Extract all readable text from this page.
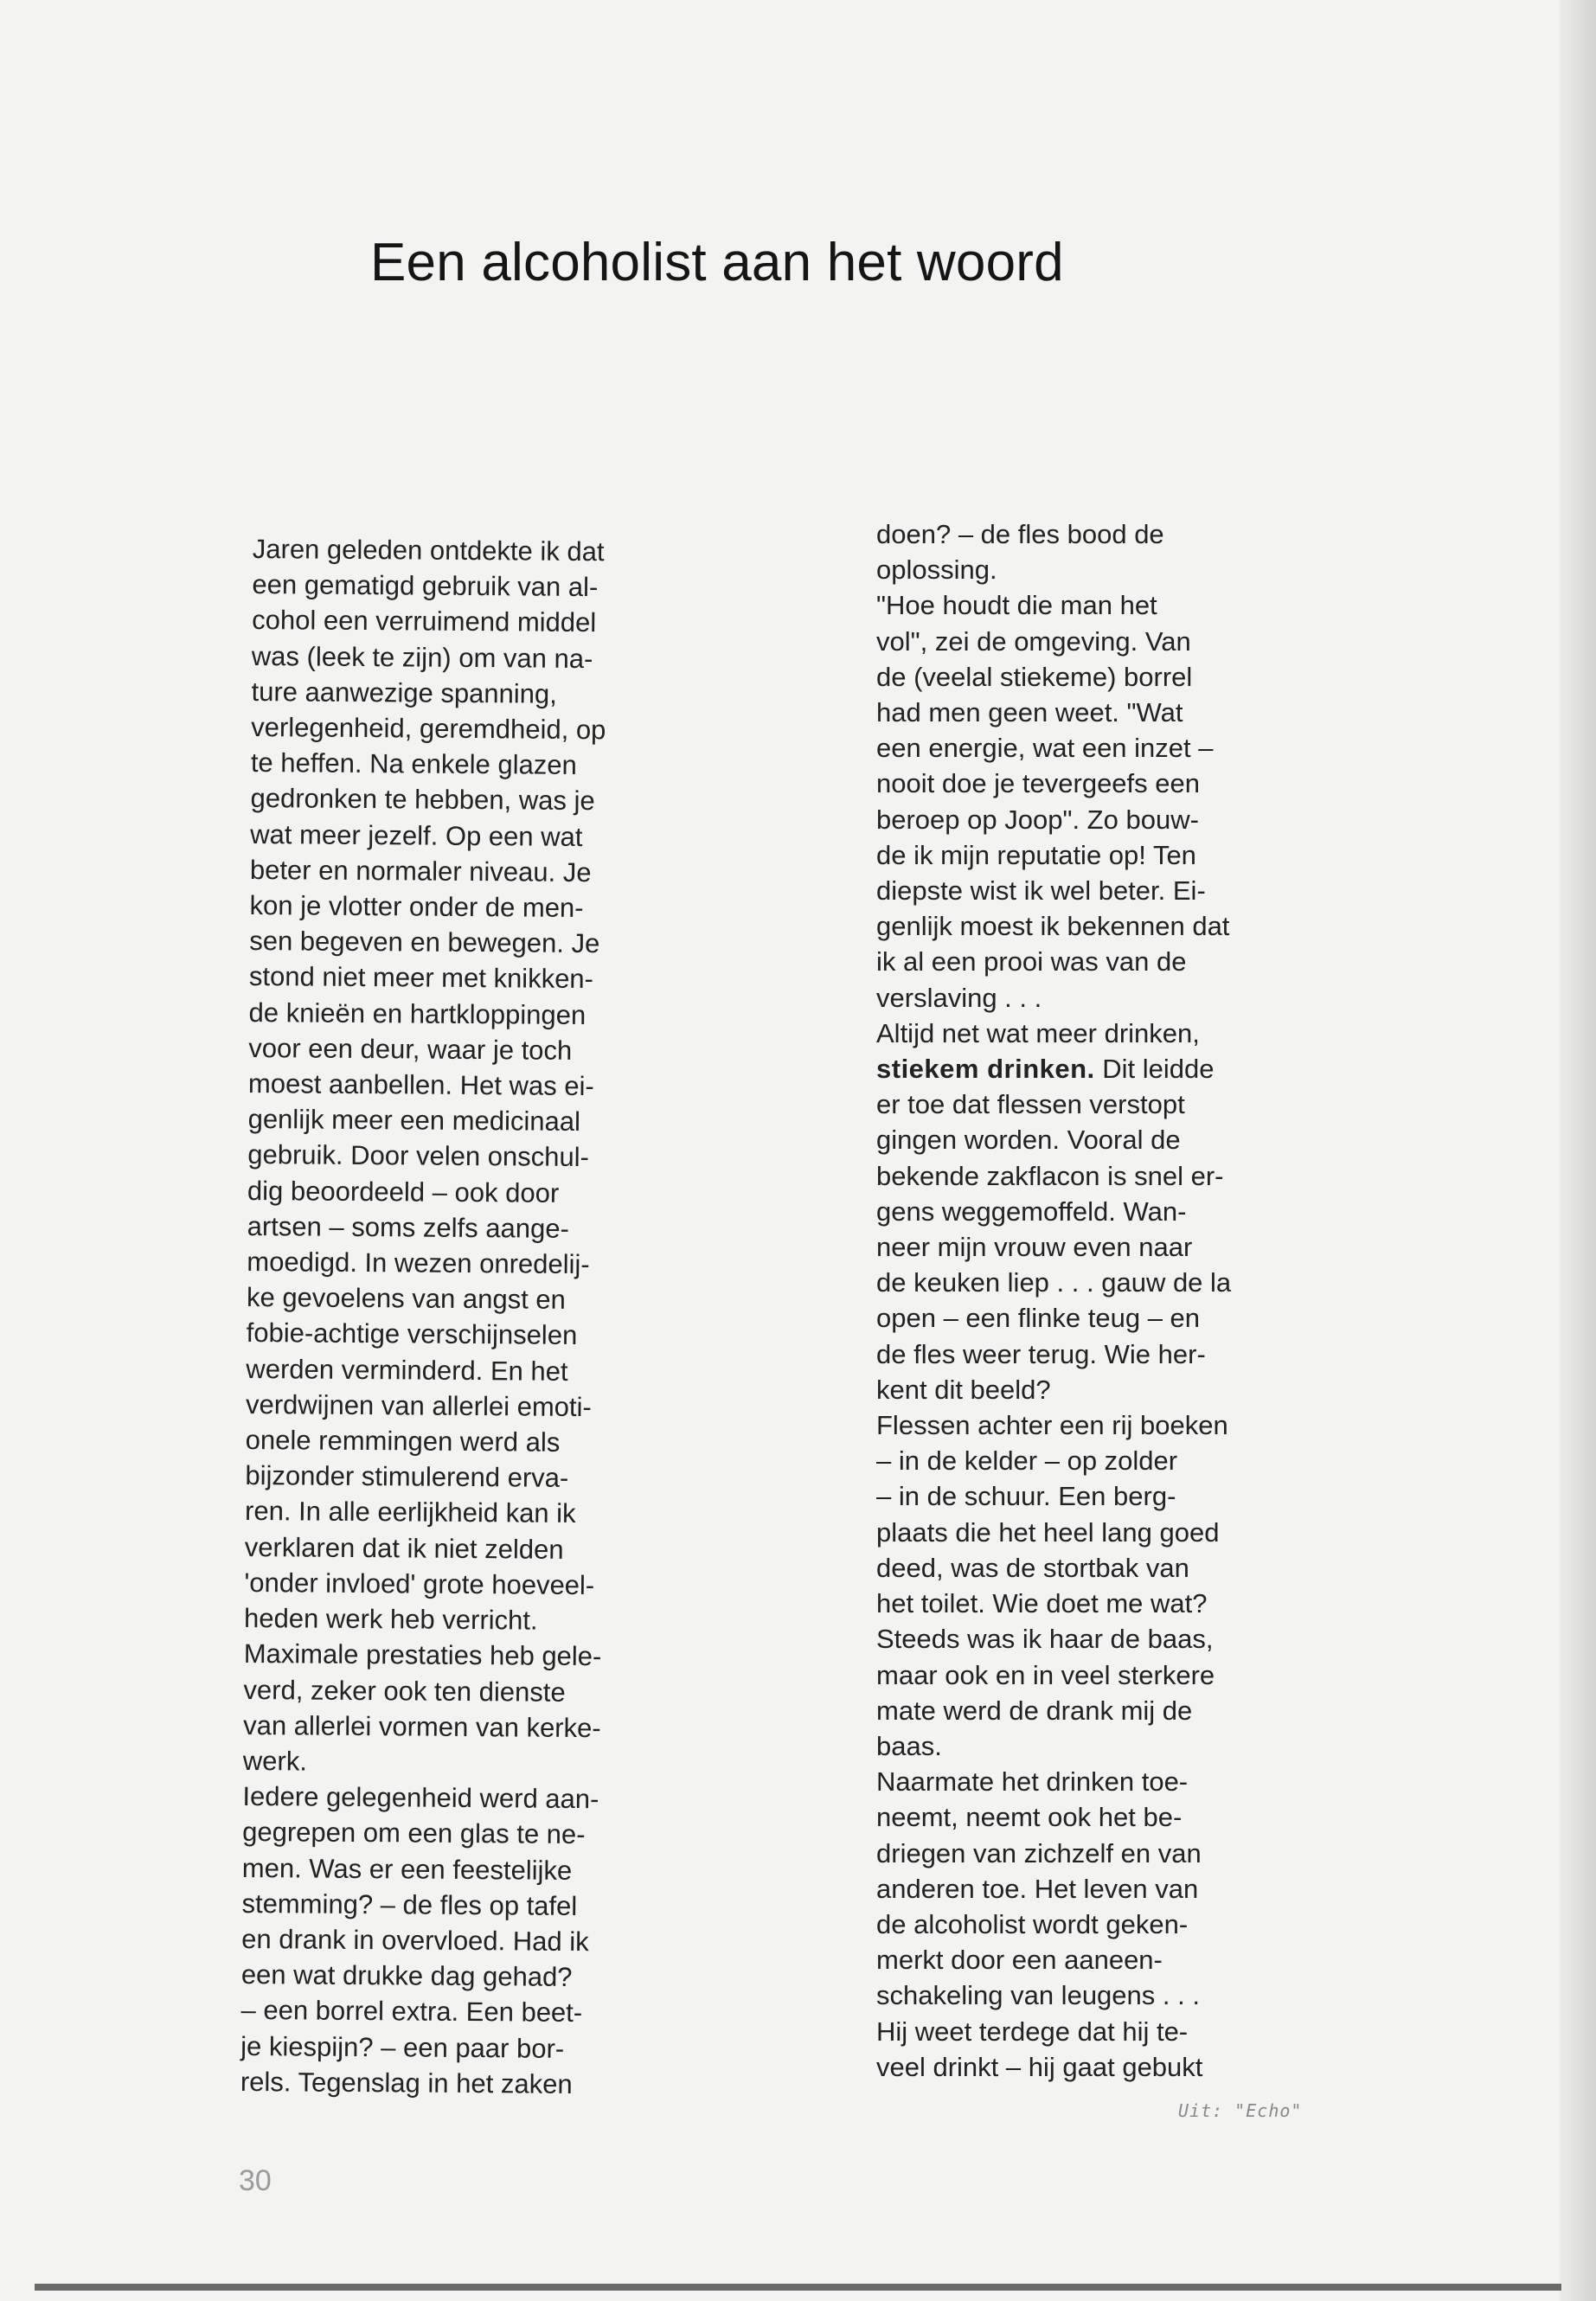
Een alcoholist aan het woord

Jaren geleden ontdekte ik dat

een gematigd gebruik van al-

cohol een verruimend middel

was (leek te zijn) om van na-

ture aanwezige spanning,

verlegenheid, geremdheid, op

te heffen. Na enkele glazen

gedronken te hebben, was je

wat meer jezelf. Op een wat

beter en normaler niveau. Je

kon je vlotter onder de men-

sen begeven en bewegen. Je

stond niet meer met knikken-

de knieën en hartkloppingen

voor een deur, waar je toch

moest aanbellen. Het was ei-

genlijk meer een medicinaal

gebruik. Door velen onschul-

dig beoordeeld – ook door

artsen – soms zelfs aange-

moedigd. In wezen onredelij-

ke gevoelens van angst en

fobie-achtige verschijnselen

werden verminderd. En het

verdwijnen van allerlei emoti-

onele remmingen werd als

bijzonder stimulerend erva-

ren. In alle eerlijkheid kan ik

verklaren dat ik niet zelden

'onder invloed' grote hoeveel-

heden werk heb verricht.

Maximale prestaties heb gele-

verd, zeker ook ten dienste

van allerlei vormen van kerke-

werk.

Iedere gelegenheid werd aan-

gegrepen om een glas te ne-

men. Was er een feestelijke

stemming? – de fles op tafel

en drank in overvloed. Had ik

een wat drukke dag gehad?

– een borrel extra. Een beet-

je kiespijn? – een paar bor-

rels. Tegenslag in het zaken

doen? – de fles bood de

oplossing.

"Hoe houdt die man het

vol", zei de omgeving. Van

de (veelal stiekeme) borrel

had men geen weet. "Wat

een energie, wat een inzet –

nooit doe je tevergeefs een

beroep op Joop". Zo bouw-

de ik mijn reputatie op! Ten

diepste wist ik wel beter. Ei-

genlijk moest ik bekennen dat

ik al een prooi was van de

verslaving . . .

Altijd net wat meer drinken,

stiekem drinken. Dit leidde

er toe dat flessen verstopt

gingen worden. Vooral de

bekende zakflacon is snel er-

gens weggemoffeld. Wan-

neer mijn vrouw even naar

de keuken liep . . . gauw de la

open – een flinke teug – en

de fles weer terug. Wie her-

kent dit beeld?

Flessen achter een rij boeken

– in de kelder – op zolder

– in de schuur. Een berg-

plaats die het heel lang goed

deed, was de stortbak van

het toilet. Wie doet me wat?

Steeds was ik haar de baas,

maar ook en in veel sterkere

mate werd de drank mij de

baas.

Naarmate het drinken toe-

neemt, neemt ook het be-

driegen van zichzelf en van

anderen toe. Het leven van

de alcoholist wordt geken-

merkt door een aaneen-

schakeling van leugens . . .

Hij weet terdege dat hij te-

veel drinkt – hij gaat gebukt

Uit: "Echo"
30
